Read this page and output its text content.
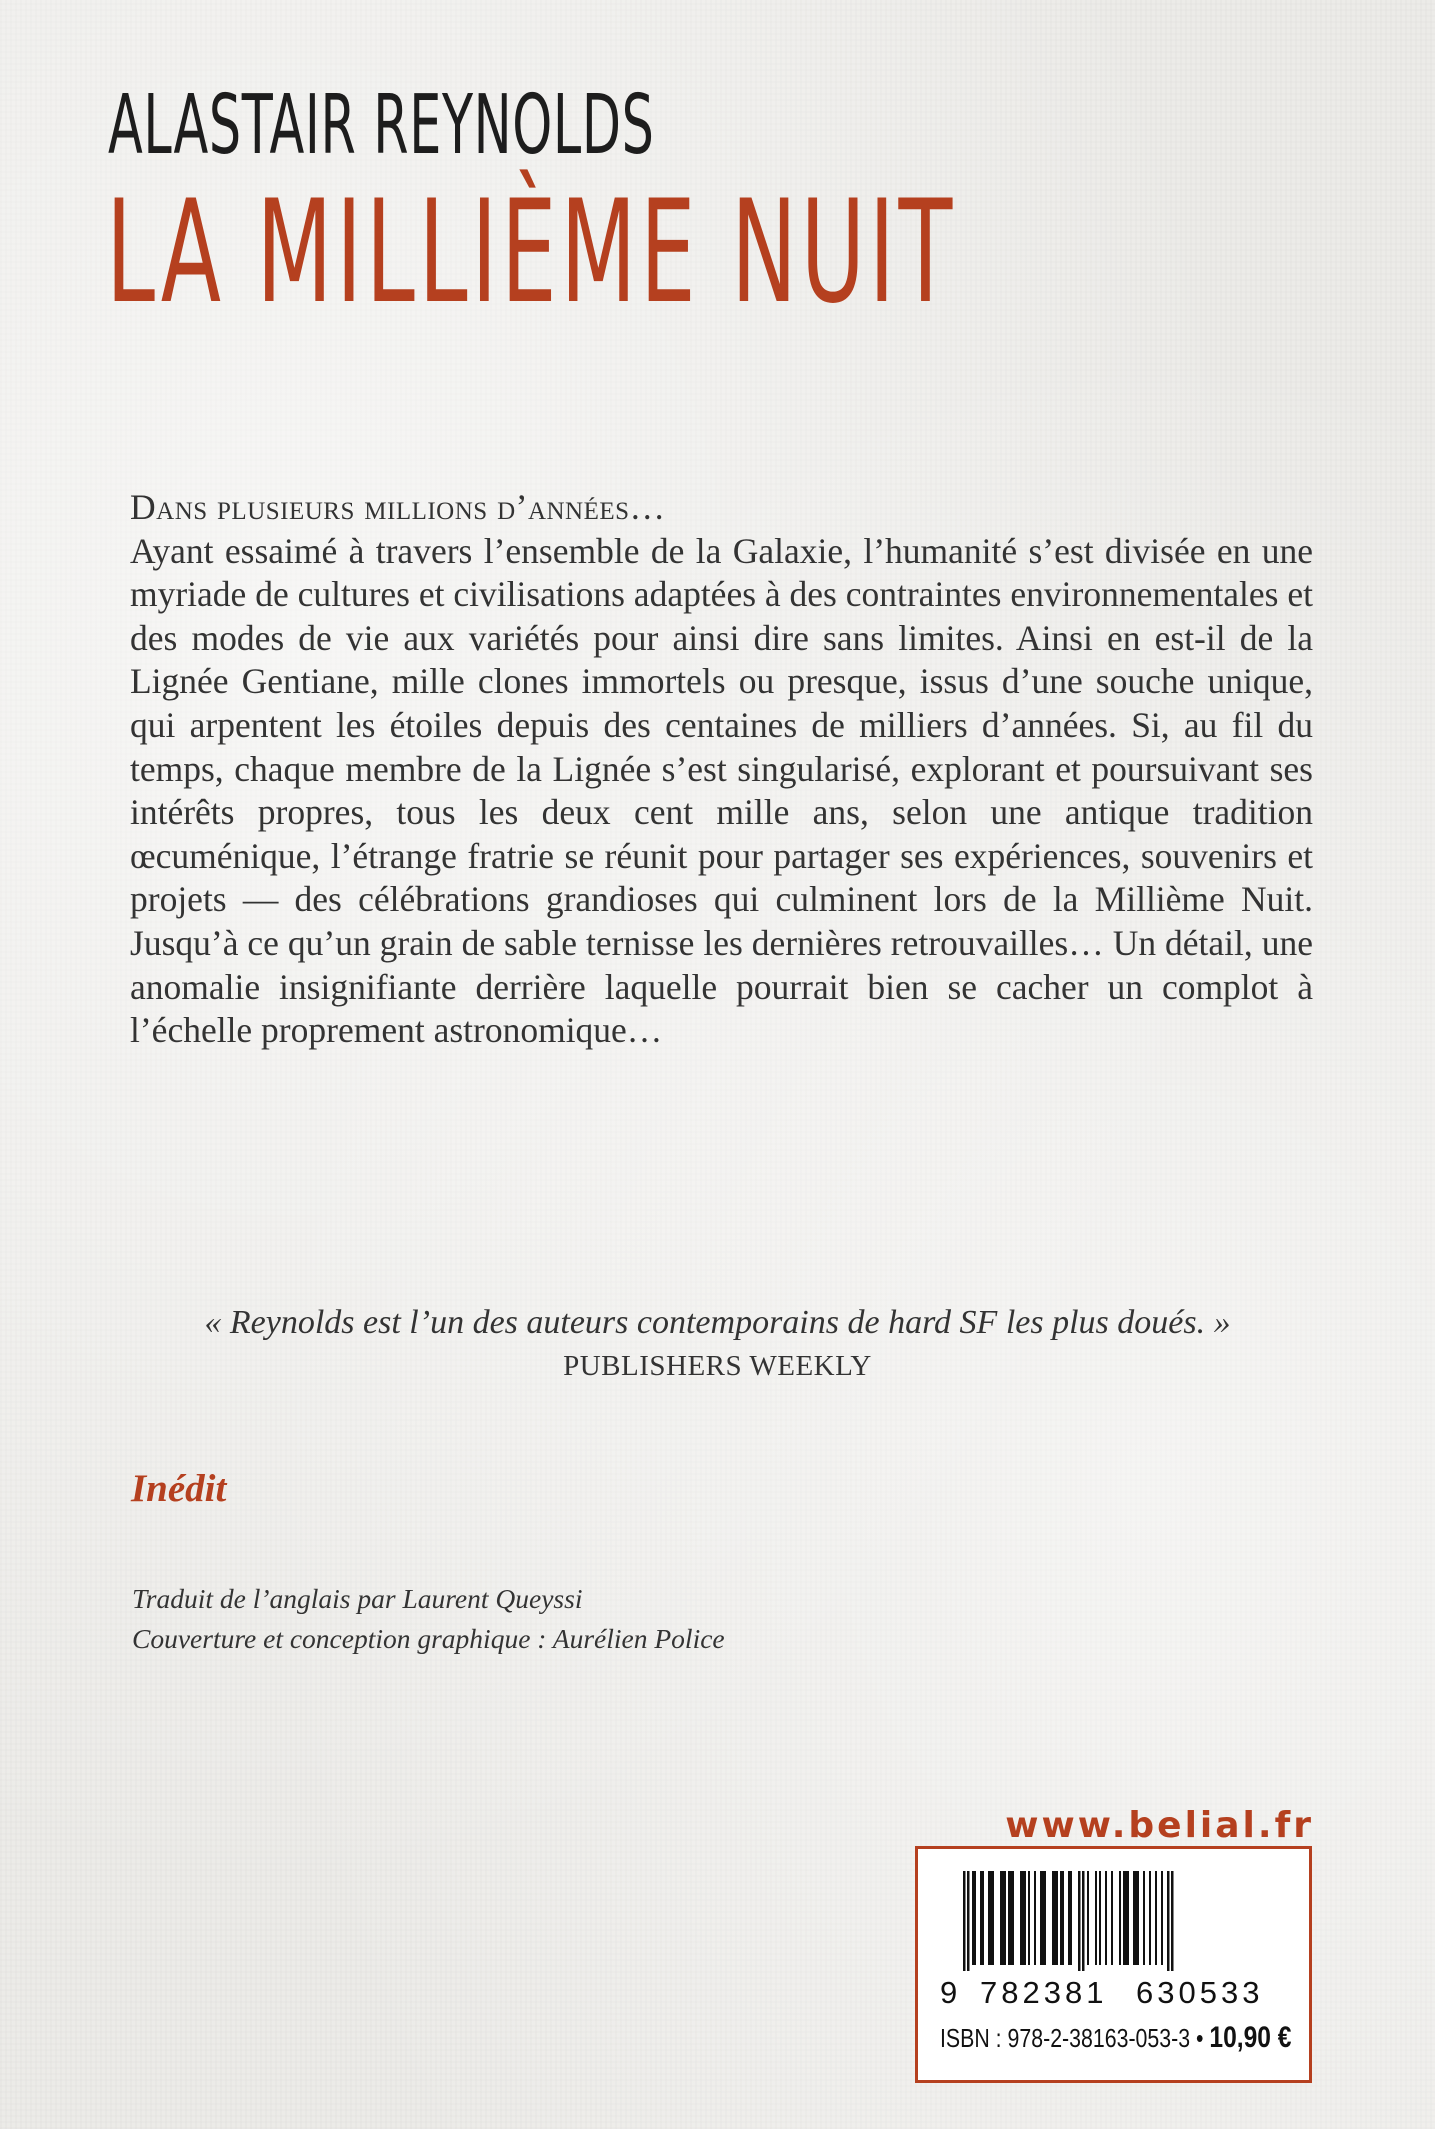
ALASTAIR REYNOLDS
LA MILLIÈME NUIT
Dans plusieurs millions d’années…
Ayant essaimé à travers l’ensemble de la Galaxie, l’humanité s’est divisée en une myriade de cultures et civilisations adaptées à des contraintes environnementales et des modes de vie aux variétés pour ainsi dire sans limites. Ainsi en est-il de la Lignée Gentiane, mille clones immortels ou presque, issus d’une souche unique, qui arpentent les étoiles depuis des centaines de milliers d’années. Si, au fil du temps, chaque membre de la Lignée s’est singularisé, explorant et poursuivant ses intérêts propres, tous les deux cent mille ans, selon une antique tradition œcuménique, l’étrange fratrie se réunit pour partager ses expériences, souvenirs et projets — des célébrations grandioses qui culminent lors de la Millième Nuit. Jusqu’à ce qu’un grain de sable ternisse les dernières retrouvailles… Un détail, une anomalie insignifiante derrière laquelle pourrait bien se cacher un complot à l’échelle proprement astronomique…
« Reynolds est l’un des auteurs contemporains de hard SF les plus doués. »
PUBLISHERS WEEKLY
Inédit
Traduit de l’anglais par Laurent Queyssi
Couverture et conception graphique : Aurélien Police
www.belial.fr
9 782381 630533
ISBN : 978-2-38163-053-3 • 10,90 €
